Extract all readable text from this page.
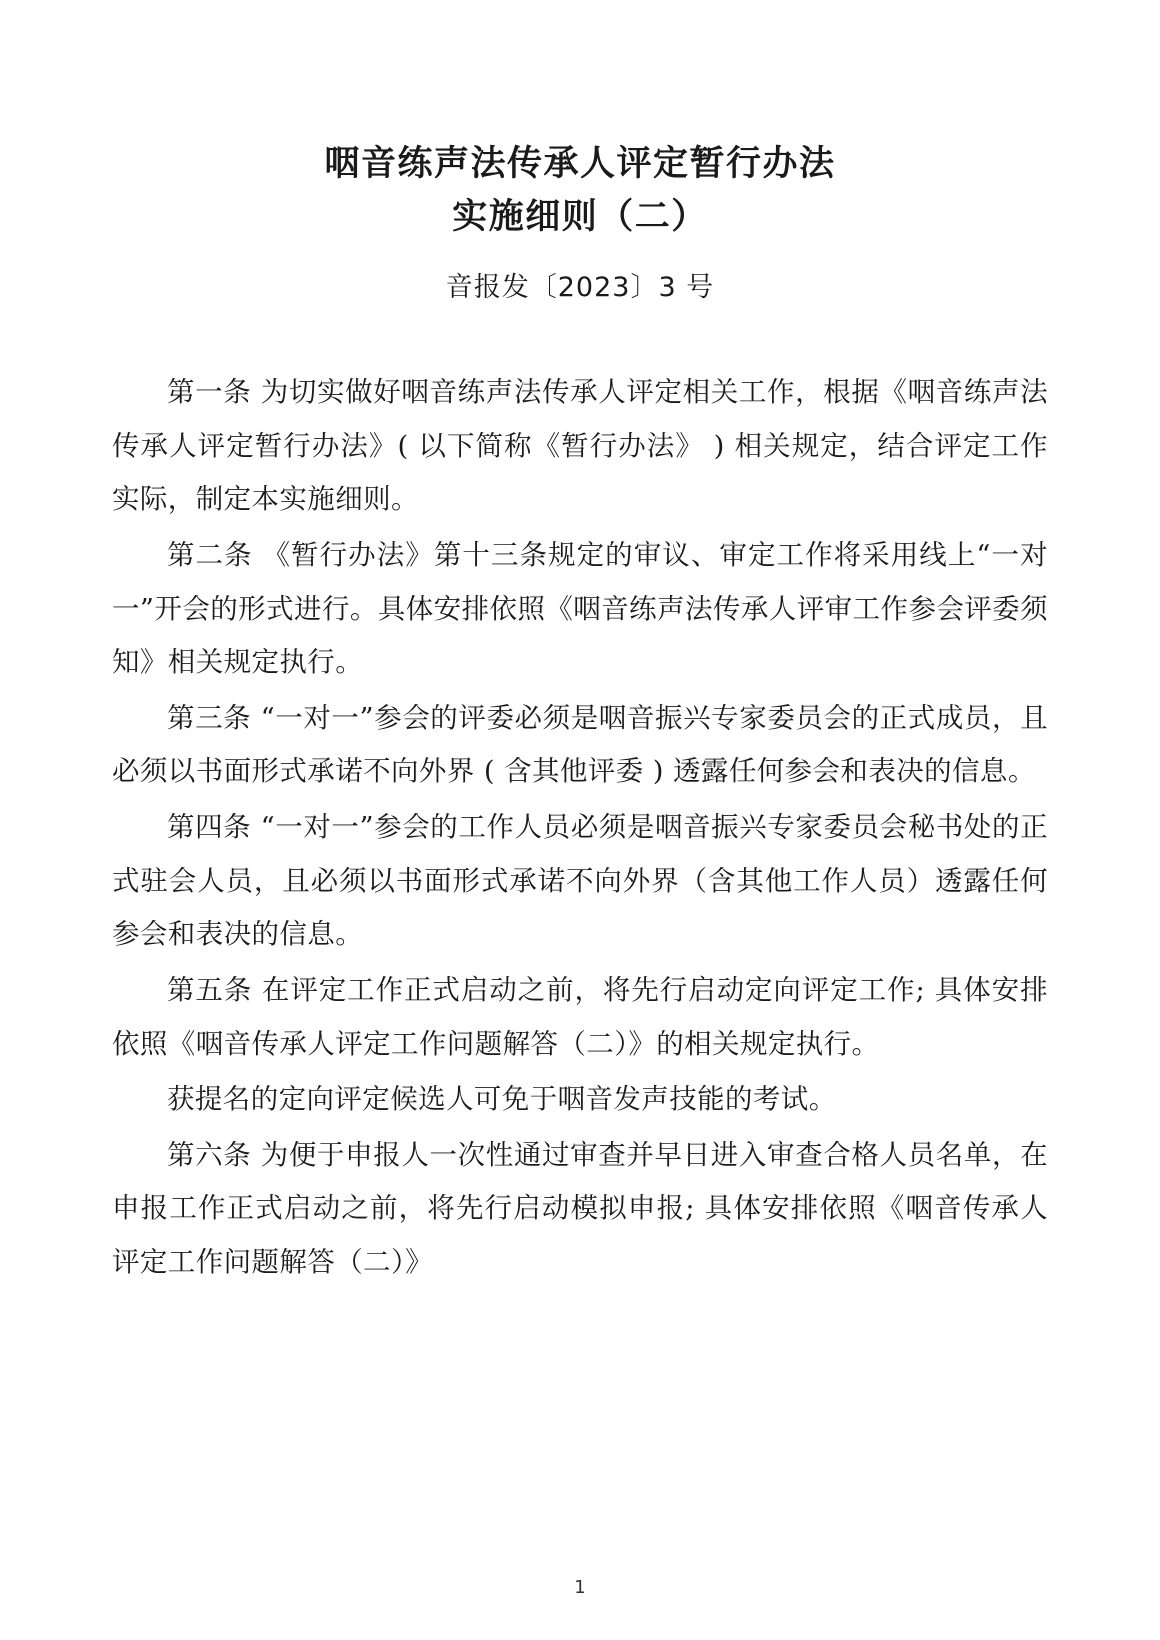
咽音练声法传承人评定暂行办法
实施细则（二）
音报发〔2023〕3 号

第一条 为切实做好咽音练声法传承人评定相关工作，根据《咽音练声法传承人评定暂行办法》( 以下简称《暂行办法》 ) 相关规定，结合评定工作实际，制定本实施细则。

第二条 《暂行办法》第十三条规定的审议、审定工作将采用线上“一对一”开会的形式进行。具体安排依照《咽音练声法传承人评审工作参会评委须知》相关规定执行。

第三条 “一对一”参会的评委必须是咽音振兴专家委员会的正式成员，且必须以书面形式承诺不向外界 ( 含其他评委 ) 透露任何参会和表决的信息。

第四条 “一对一”参会的工作人员必须是咽音振兴专家委员会秘书处的正式驻会人员，且必须以书面形式承诺不向外界（含其他工作人员）透露任何参会和表决的信息。

第五条 在评定工作正式启动之前，将先行启动定向评定工作; 具体安排依照《咽音传承人评定工作问题解答（二）》的相关规定执行。

获提名的定向评定候选人可免于咽音发声技能的考试。

第六条 为便于申报人一次性通过审查并早日进入审查合格人员名单，在申报工作正式启动之前，将先行启动模拟申报; 具体安排依照《咽音传承人评定工作问题解答（二）》

1
